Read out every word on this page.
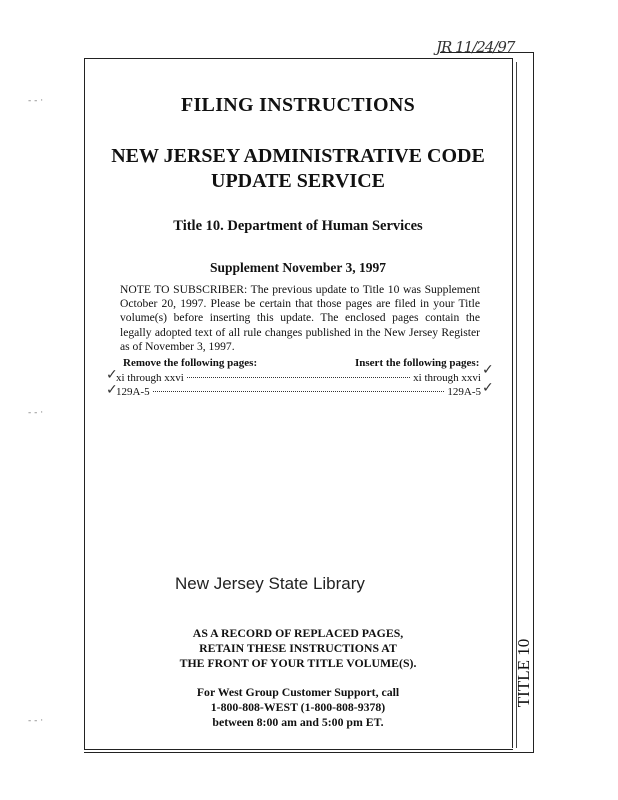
JR 11/24/97
- - ·
- - ·
- - ·
FILING INSTRUCTIONS
NEW JERSEY ADMINISTRATIVE CODE
UPDATE SERVICE
Title 10. Department of Human Services
Supplement November 3, 1997
NOTE TO SUBSCRIBER: The previous update to Title 10 was Supplement October 20, 1997. Please be certain that those pages are filed in your Title volume(s) before inserting this update. The enclosed pages contain the legally adopted text of all rule changes published in the New Jersey Register as of November 3, 1997.
Remove the following pages:	Insert the following pages:
xi through xxvi	xi through xxvi
129A-5	129A-5
✓
✓
✓
✓
New Jersey State Library
AS A RECORD OF REPLACED PAGES,
RETAIN THESE INSTRUCTIONS AT
THE FRONT OF YOUR TITLE VOLUME(S).
For West Group Customer Support, call
1-800-808-WEST (1-800-808-9378)
between 8:00 am and 5:00 pm ET.
TITLE 10
